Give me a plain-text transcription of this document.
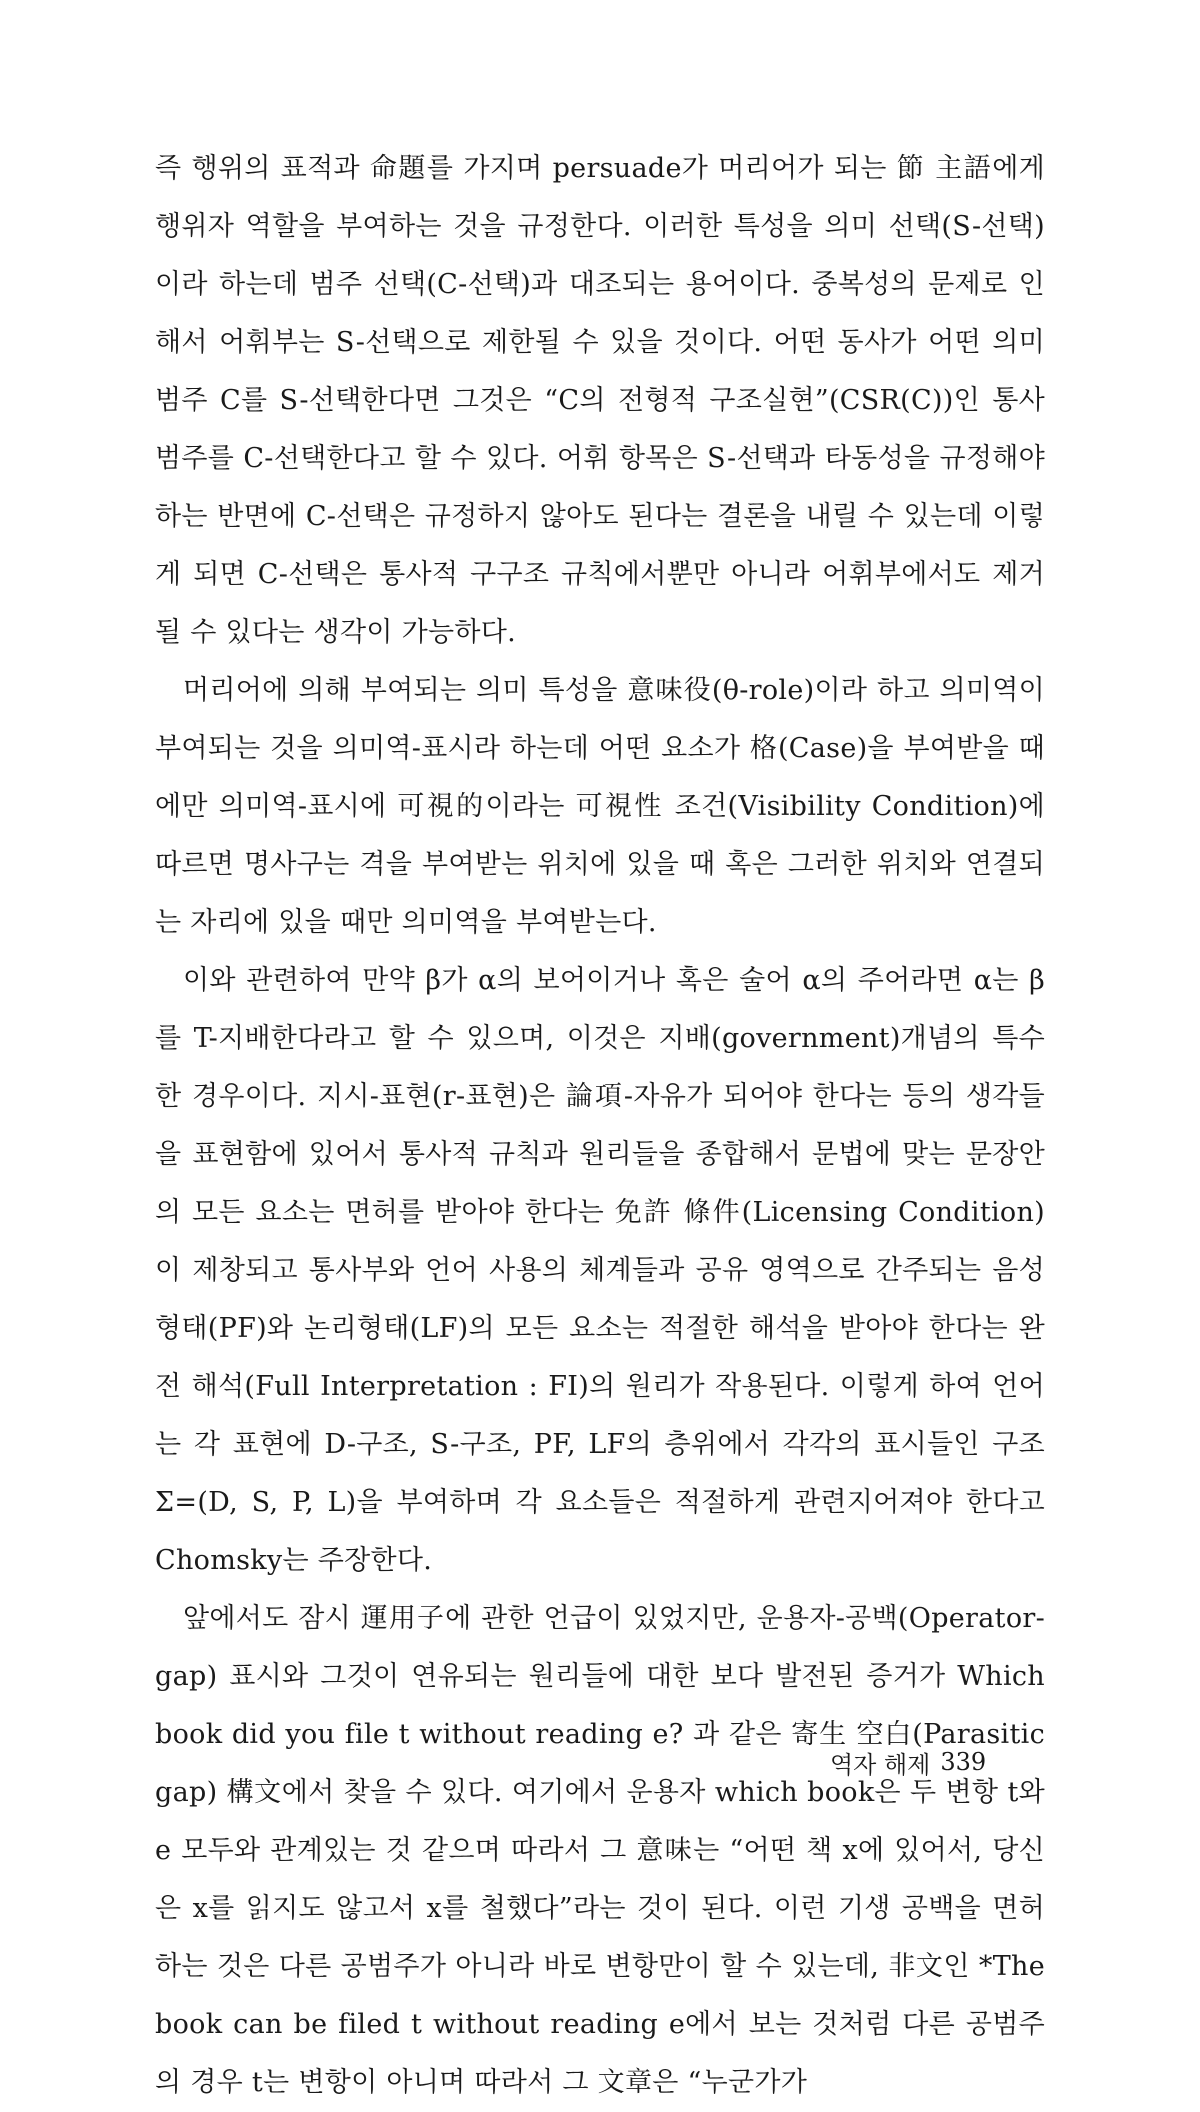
즉 행위의 표적과 命題를 가지며 persuade가 머리어가 되는 節 主語에게 행위자 역할을 부여하는 것을 규정한다. 이러한 특성을 의미 선택(S-선택)이라 하는데 범주 선택(C-선택)과 대조되는 용어이다. 중복성의 문제로 인해서 어휘부는 S-선택으로 제한될 수 있을 것이다. 어떤 동사가 어떤 의미 범주 C를 S-선택한다면 그것은 “C의 전형적 구조실현”(CSR(C))인 통사 범주를 C-선택한다고 할 수 있다. 어휘 항목은 S-선택과 타동성을 규정해야 하는 반면에 C-선택은 규정하지 않아도 된다는 결론을 내릴 수 있는데 이렇게 되면 C-선택은 통사적 구구조 규칙에서뿐만 아니라 어휘부에서도 제거될 수 있다는 생각이 가능하다.

머리어에 의해 부여되는 의미 특성을 意味役(θ-role)이라 하고 의미역이 부여되는 것을 의미역-표시라 하는데 어떤 요소가 格(Case)을 부여받을 때에만 의미역-표시에 可視的이라는 可視性 조건(Visibility Condition)에 따르면 명사구는 격을 부여받는 위치에 있을 때 혹은 그러한 위치와 연결되는 자리에 있을 때만 의미역을 부여받는다.

이와 관련하여 만약 β가 α의 보어이거나 혹은 술어 α의 주어라면 α는 β를 T-지배한다라고 할 수 있으며, 이것은 지배(government)개념의 특수한 경우이다. 지시-표현(r-표현)은 論項-자유가 되어야 한다는 등의 생각들을 표현함에 있어서 통사적 규칙과 원리들을 종합해서 문법에 맞는 문장안의 모든 요소는 면허를 받아야 한다는 免許 條件(Licensing Condition)이 제창되고 통사부와 언어 사용의 체계들과 공유 영역으로 간주되는 음성형태(PF)와 논리형태(LF)의 모든 요소는 적절한 해석을 받아야 한다는 완전 해석(Full Interpretation : FI)의 원리가 작용된다. 이렇게 하여 언어는 각 표현에 D-구조, S-구조, PF, LF의 층위에서 각각의 표시들인 구조 Σ=(D, S, P, L)을 부여하며 각 요소들은 적절하게 관련지어져야 한다고 Chomsky는 주장한다.

앞에서도 잠시 運用子에 관한 언급이 있었지만, 운용자-공백(Operator-gap) 표시와 그것이 연유되는 원리들에 대한 보다 발전된 증거가 Which book did you file t without reading e? 과 같은 寄生 空白(Parasitic gap) 構文에서 찾을 수 있다. 여기에서 운용자 which book은 두 변항 t와 e 모두와 관계있는 것 같으며 따라서 그 意味는 “어떤 책 x에 있어서, 당신은 x를 읽지도 않고서 x를 철했다”라는 것이 된다. 이런 기생 공백을 면허하는 것은 다른 공범주가 아니라 바로 변항만이 할 수 있는데, 非文인 *The book can be filed t without reading e에서 보는 것처럼 다른 공범주의 경우 t는 변항이 아니며 따라서 그 文章은 “누군가가

역자 해제 339
